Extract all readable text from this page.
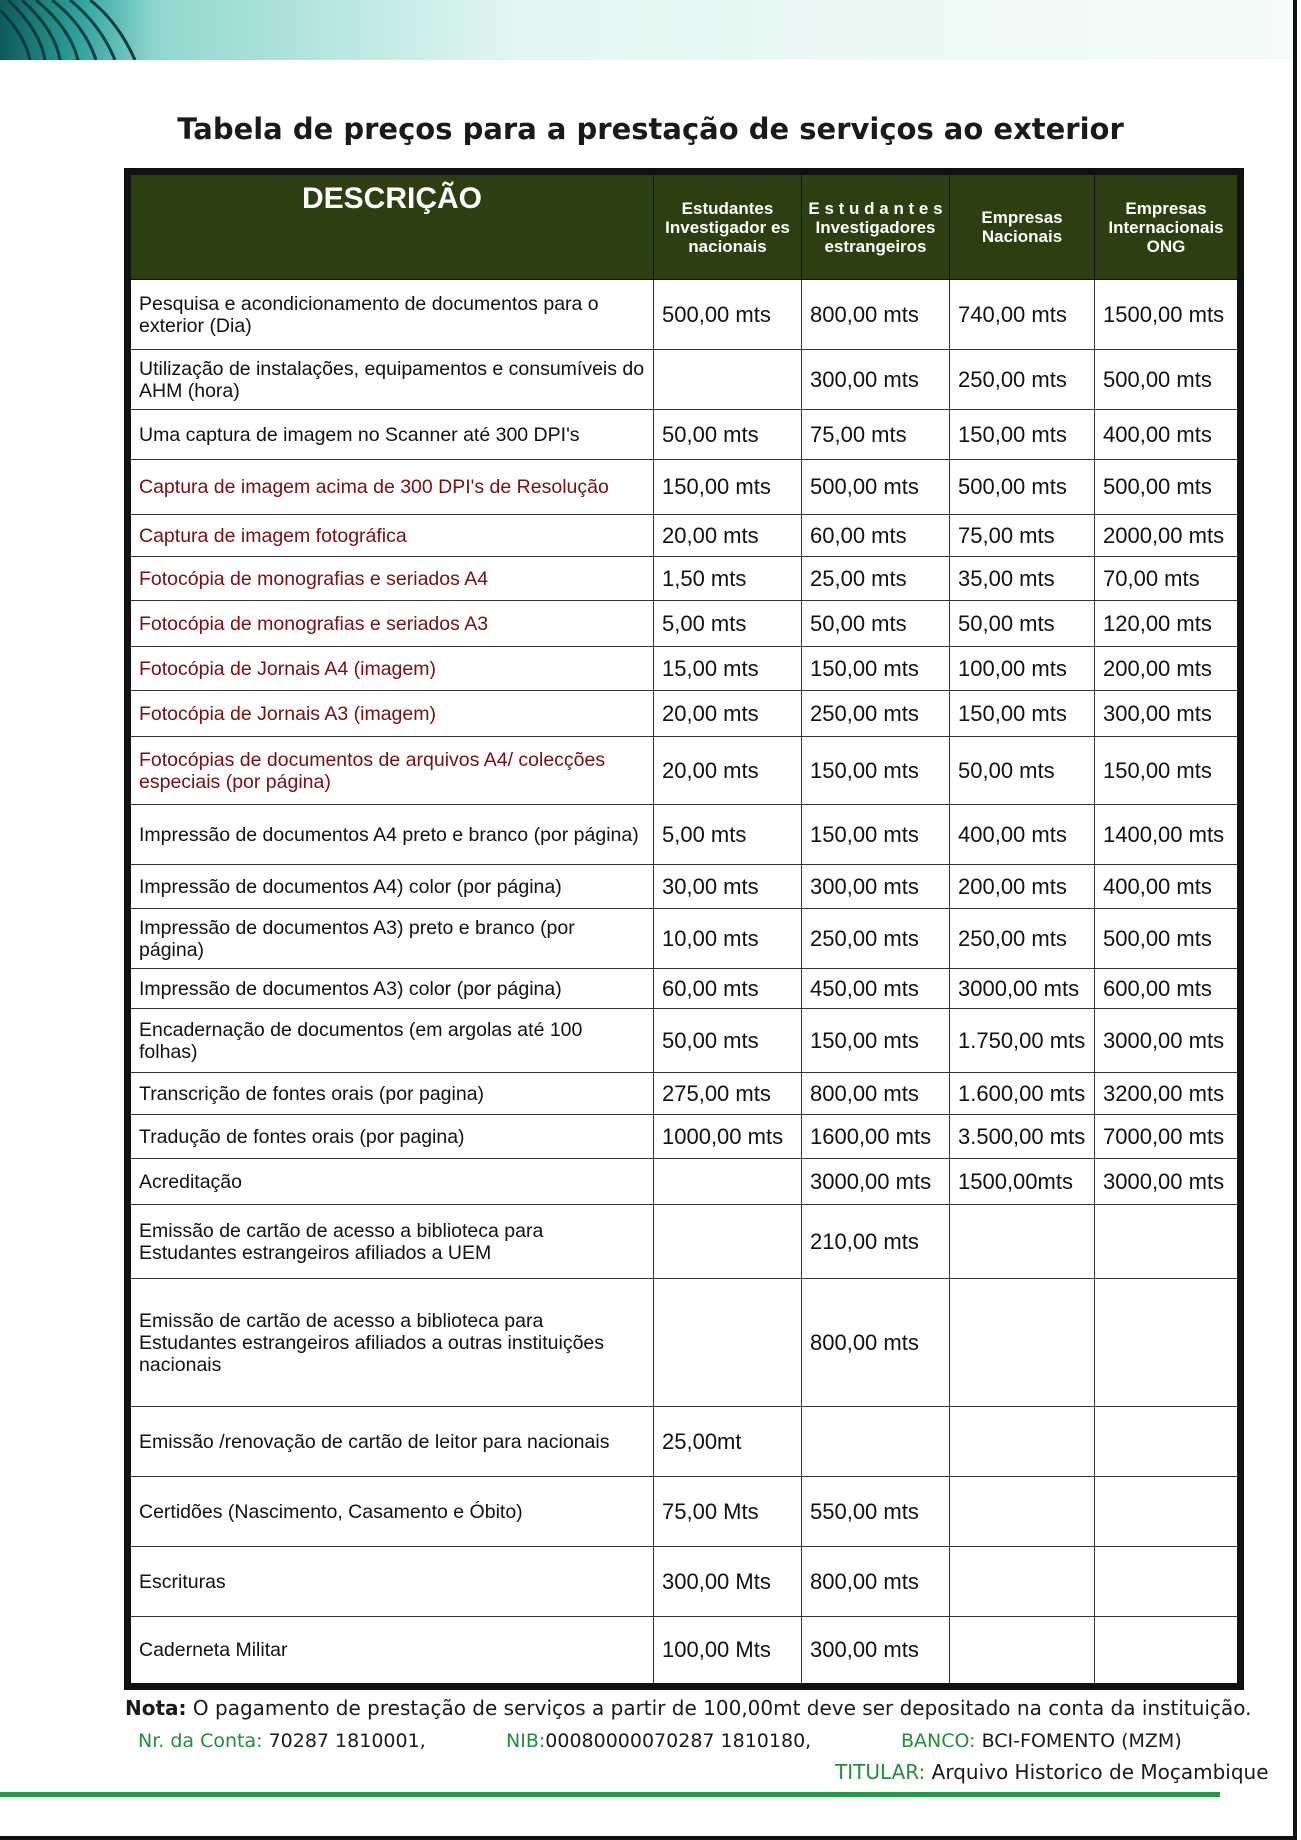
Tabela de preços para a prestação de serviços ao exterior
DESCRIÇÃO	Estudantes Investigador es nacionais	E s t u d a n t e s Investigadores estrangeiros	Empresas Nacionais	Empresas Internacionais ONG
Pesquisa e acondicionamento de documentos para o exterior (Dia)	500,00 mts	800,00 mts	740,00 mts	1500,00 mts
Utilização de instalações, equipamentos e consumíveis do AHM (hora)		300,00 mts	250,00 mts	500,00 mts
Uma captura de imagem no Scanner até 300 DPI's	50,00 mts	75,00 mts	150,00 mts	400,00 mts
Captura de imagem acima de 300 DPI's de Resolução	150,00 mts	500,00 mts	500,00 mts	500,00 mts
Captura de imagem fotográfica	20,00 mts	60,00 mts	75,00 mts	2000,00 mts
Fotocópia de monografias e seriados A4	1,50 mts	25,00 mts	35,00 mts	70,00 mts
Fotocópia de monografias e seriados A3	5,00 mts	50,00 mts	50,00 mts	120,00 mts
Fotocópia de Jornais A4 (imagem)	15,00 mts	150,00 mts	100,00 mts	200,00 mts
Fotocópia de Jornais A3 (imagem)	20,00 mts	250,00 mts	150,00 mts	300,00 mts
Fotocópias de documentos de arquivos A4/ colecções especiais (por página)	20,00 mts	150,00 mts	50,00 mts	150,00 mts
Impressão de documentos A4 preto e branco (por página)	5,00 mts	150,00 mts	400,00 mts	1400,00 mts
Impressão de documentos A4) color (por página)	30,00 mts	300,00 mts	200,00 mts	400,00 mts
Impressão de documentos A3) preto e branco (por página)	10,00 mts	250,00 mts	250,00 mts	500,00 mts
Impressão de documentos A3) color (por página)	60,00 mts	450,00 mts	3000,00 mts	600,00 mts
Encadernação de documentos (em argolas até 100 folhas)	50,00 mts	150,00 mts	1.750,00 mts	3000,00 mts
Transcrição de fontes orais (por pagina)	275,00 mts	800,00 mts	1.600,00 mts	3200,00 mts
Tradução de fontes orais (por pagina)	1000,00 mts	1600,00 mts	3.500,00 mts	7000,00 mts
Acreditação		3000,00 mts	1500,00mts	3000,00 mts
Emissão de cartão de acesso a biblioteca para Estudantes estrangeiros afiliados a UEM		210,00 mts		
Emissão de cartão de acesso a biblioteca para Estudantes estrangeiros afiliados a outras instituições nacionais		800,00 mts		
Emissão /renovação de cartão de leitor para nacionais	25,00mt			
Certidões (Nascimento, Casamento e Óbito)	75,00 Mts	550,00 mts		
Escrituras	300,00 Mts	800,00 mts		
Caderneta Militar	100,00 Mts	300,00 mts		
Nota: O pagamento de prestação de serviços a partir de 100,00mt deve ser depositado na conta da instituição.
Nr. da Conta: 70287 1810001,	NIB:00080000070287 1810180,	BANCO: BCI-FOMENTO (MZM)
TITULAR: Arquivo Historico de Moçambique
